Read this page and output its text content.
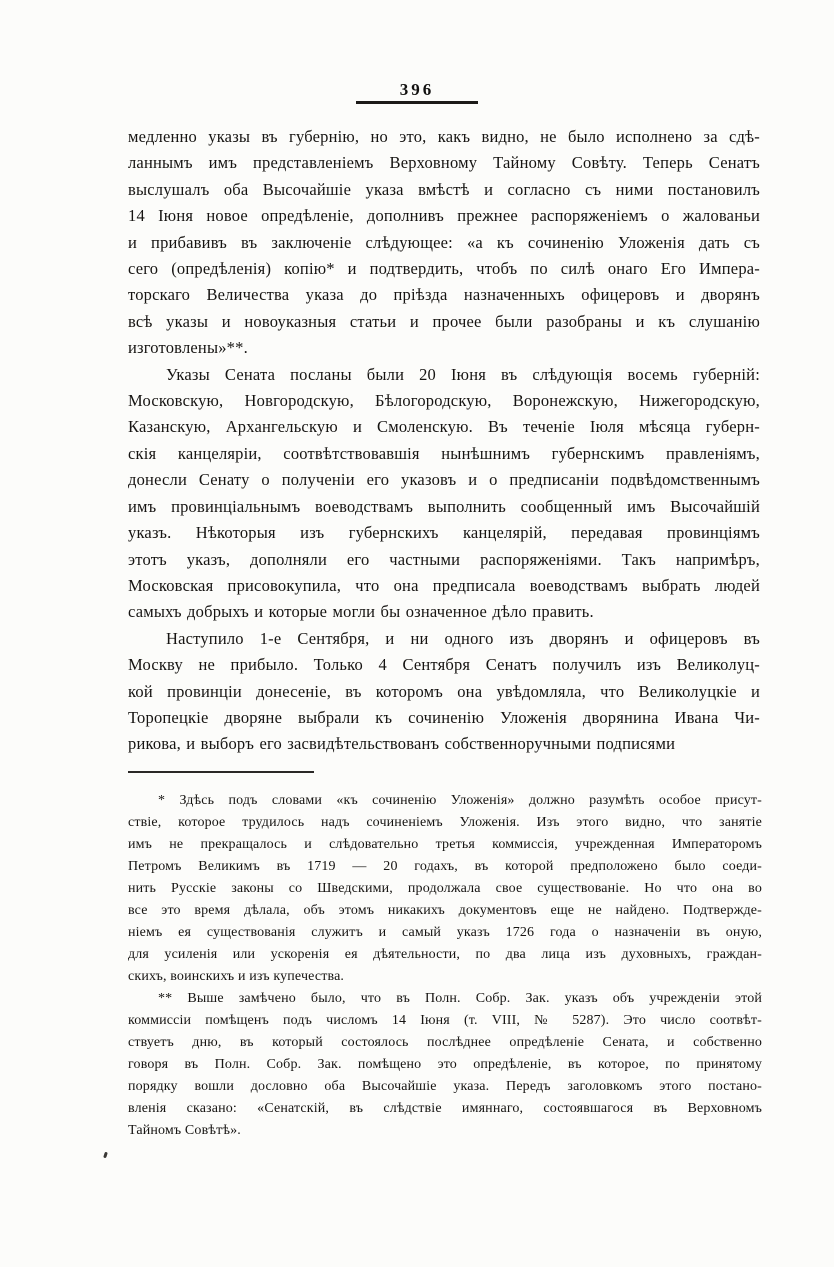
396
медленно указы въ губернію, но это, какъ видно, не было исполнено за сдѣ-
ланнымъ имъ представленіемъ Верховному Тайному Совѣту. Теперь Сенатъ
выслушалъ оба Высочайшіе указа вмѣстѣ и согласно съ ними постановилъ
14 Іюня новое опредѣленіе, дополнивъ прежнее распоряженіемъ о жалованьи
и прибавивъ въ заключеніе слѣдующее: «а къ сочиненію Уложенія дать съ
сего (опредѣленія) копію* и подтвердить, чтобъ по силѣ онаго Его Импера-
торскаго Величества указа до пріѣзда назначенныхъ офицеровъ и дворянъ
всѣ указы и новоуказныя статьи и прочее были разобраны и къ слушанію
изготовлены»**.
Указы Сената посланы были 20 Іюня въ слѣдующія восемь губерній:
Московскую, Новгородскую, Бѣлогородскую, Воронежскую, Нижегородскую,
Казанскую, Архангельскую и Смоленскую. Въ теченіе Іюля мѣсяца губерн-
скія канцеляріи, соотвѣтствовавшія нынѣшнимъ губернскимъ правленіямъ,
донесли Сенату о полученіи его указовъ и о предписаніи подвѣдомственнымъ
имъ провинціальнымъ воеводствамъ выполнить сообщенный имъ Высочайшій
указъ. Нѣкоторыя изъ губернскихъ канцелярій, передавая провинціямъ
этотъ указъ, дополняли его частными распоряженіями. Такъ напримѣръ,
Московская присовокупила, что она предписала воеводствамъ выбрать людей
самыхъ добрыхъ и которые могли бы означенное дѣло править.
Наступило 1-е Сентября, и ни одного изъ дворянъ и офицеровъ въ
Москву не прибыло. Только 4 Сентября Сенатъ получилъ изъ Великолуц-
кой провинціи донесеніе, въ которомъ она увѣдомляла, что Великолуцкіе и
Торопецкіе дворяне выбрали къ сочиненію Уложенія дворянина Ивана Чи-
рикова, и выборъ его засвидѣтельствованъ собственноручными подписями
* Здѣсь подъ словами «къ сочиненію Уложенія» должно разумѣть особое присут-
ствіе, которое трудилось надъ сочиненіемъ Уложенія. Изъ этого видно, что занятіе
имъ не прекращалось и слѣдовательно третья коммиссія, учрежденная Императоромъ
Петромъ Великимъ въ 1719 — 20 годахъ, въ которой предположено было соеди-
нить Русскіе законы со Шведскими, продолжала свое существованіе. Но что она во
все это время дѣлала, объ этомъ никакихъ документовъ еще не найдено. Подтвержде-
ніемъ ея существованія служитъ и самый указъ 1726 года о назначеніи въ оную,
для усиленія или ускоренія ея дѣятельности, по два лица изъ духовныхъ, граждан-
скихъ, воинскихъ и изъ купечества.
** Выше замѣчено было, что въ Полн. Собр. Зак. указъ объ учрежденіи этой
коммиссіи помѣщенъ подъ числомъ 14 Іюня (т. VIII, № 5287). Это число соотвѣт-
ствуетъ дню, въ который состоялось послѣднее опредѣленіе Сената, и собственно
говоря въ Полн. Собр. Зак. помѣщено это опредѣленіе, въ которое, по принятому
порядку вошли дословно оба Высочайшіе указа. Передъ заголовкомъ этого постано-
вленія сказано: «Сенатскій, въ слѣдствіе имяннаго, состоявшагося въ Верховномъ
Тайномъ Совѣтѣ».
